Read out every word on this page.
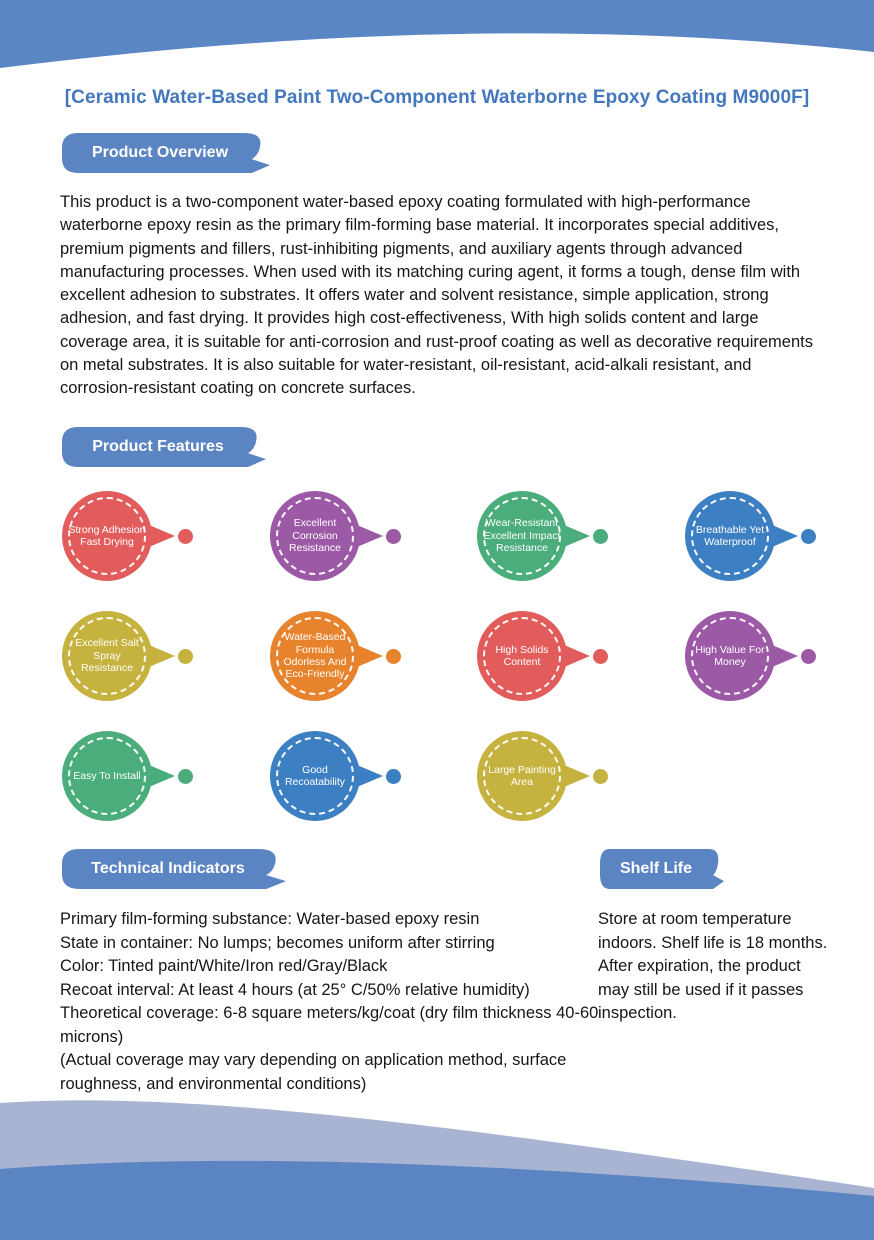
[Ceramic Water-Based Paint Two-Component Waterborne Epoxy Coating M9000F]
Product Overview
This product is a two-component water-based epoxy coating formulated with high-performance waterborne epoxy resin as the primary film-forming base material. It incorporates special additives, premium pigments and fillers, rust-inhibiting pigments, and auxiliary agents through advanced manufacturing processes. When used with its matching curing agent, it forms a tough, dense film with excellent adhesion to substrates. It offers water and solvent resistance, simple application, strong adhesion, and fast drying. It provides high cost-effectiveness, With high solids content and large coverage area, it is suitable for anti-corrosion and rust-proof coating as well as decorative requirements on metal substrates. It is also suitable for water-resistant, oil-resistant, acid-alkali resistant, and corrosion-resistant coating on concrete surfaces.
Product Features
Strong Adhesion Fast Drying
Excellent Corrosion Resistance
Wear-Resistant Excellent Impact Resistance
Breathable Yet Waterproof
Excellent Salt Spray Resistance
Water-Based Formula Odorless And Eco-Friendly
High Solids Content
High Value For Money
Easy To Install
Good Recoatability
Large Painting Area
Technical Indicators	Shelf Life
Primary film-forming substance: Water-based epoxy resin
State in container: No lumps; becomes uniform after stirring
Color: Tinted paint/White/Iron red/Gray/Black
Recoat interval: At least 4 hours (at 25° C/50% relative humidity)
Theoretical coverage: 6-8 square meters/kg/coat (dry film thickness 40-60 microns)
(Actual coverage may vary depending on application method, surface roughness, and environmental conditions)
Store at room temperature indoors. Shelf life is 18 months. After expiration, the product may still be used if it passes inspection.
